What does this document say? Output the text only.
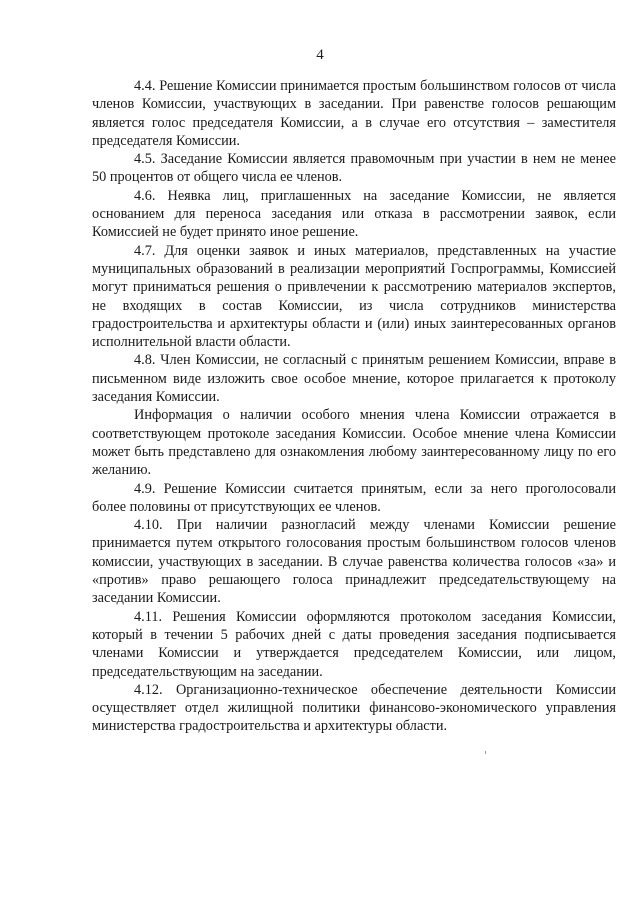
4

4.4. Решение Комиссии принимается простым большинством голосов от числа членов Комиссии, участвующих в заседании. При равенстве голосов решающим является голос председателя Комиссии, а в случае его отсутствия – заместителя председателя Комиссии.

4.5. Заседание Комиссии является правомочным при участии в нем не менее 50 процентов от общего числа ее членов.

4.6. Неявка лиц, приглашенных на заседание Комиссии, не является основанием для переноса заседания или отказа в рассмотрении заявок, если Комиссией не будет принято иное решение.

4.7. Для оценки заявок и иных материалов, представленных на участие муниципальных образований в реализации мероприятий Госпрограммы, Комиссией могут приниматься решения о привлечении к рассмотрению материалов экспертов, не входящих в состав Комиссии, из числа сотрудников министерства градостроительства и архитектуры области и (или) иных заинтересованных органов исполнительной власти области.

4.8. Член Комиссии, не согласный с принятым решением Комиссии, вправе в письменном виде изложить свое особое мнение, которое прилагается к протоколу заседания Комиссии.

Информация о наличии особого мнения члена Комиссии отражается в соответствующем протоколе заседания Комиссии. Особое мнение члена Комиссии может быть представлено для ознакомления любому заинтересованному лицу по его желанию.

4.9. Решение Комиссии считается принятым, если за него проголосовали более половины от присутствующих ее членов.

4.10. При наличии разногласий между членами Комиссии решение принимается путем открытого голосования простым большинством голосов членов комиссии, участвующих в заседании. В случае равенства количества голосов «за» и «против» право решающего голоса принадлежит председательствующему на заседании Комиссии.

4.11. Решения Комиссии оформляются протоколом заседания Комиссии, который в течении 5 рабочих дней с даты проведения заседания подписывается членами Комиссии и утверждается председателем Комиссии, или лицом, председательствующим на заседании.

4.12. Организационно-техническое обеспечение деятельности Комиссии осуществляет отдел жилищной политики финансово-экономического управления министерства градостроительства и архитектуры области.
